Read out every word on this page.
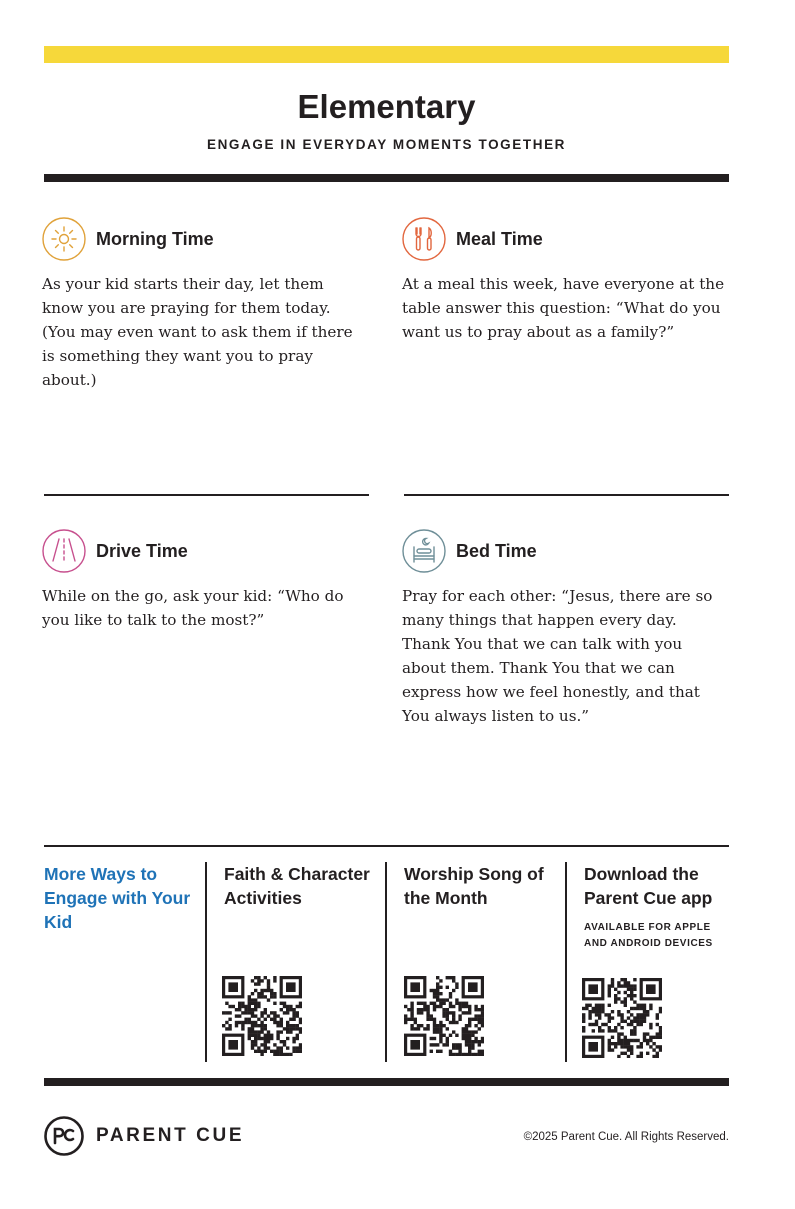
Elementary
ENGAGE IN EVERYDAY MOMENTS TOGETHER
Morning Time
As your kid starts their day, let them know you are praying for them today. (You may even want to ask them if there is something they want you to pray about.)
Meal Time
At a meal this week, have everyone at the table answer this question: “What do you want us to pray about as a family?”
Drive Time
While on the go, ask your kid: “Who do you like to talk to the most?”
Bed Time
Pray for each other: “Jesus, there are so many things that happen every day. Thank You that we can talk with you about them. Thank You that we can express how we feel honestly, and that You always listen to us.”
More Ways to Engage with Your Kid
Faith & Character Activities
Worship Song of the Month
Download the Parent Cue app
AVAILABLE FOR APPLE AND ANDROID DEVICES
PARENT CUE	©2025 Parent Cue. All Rights Reserved.
